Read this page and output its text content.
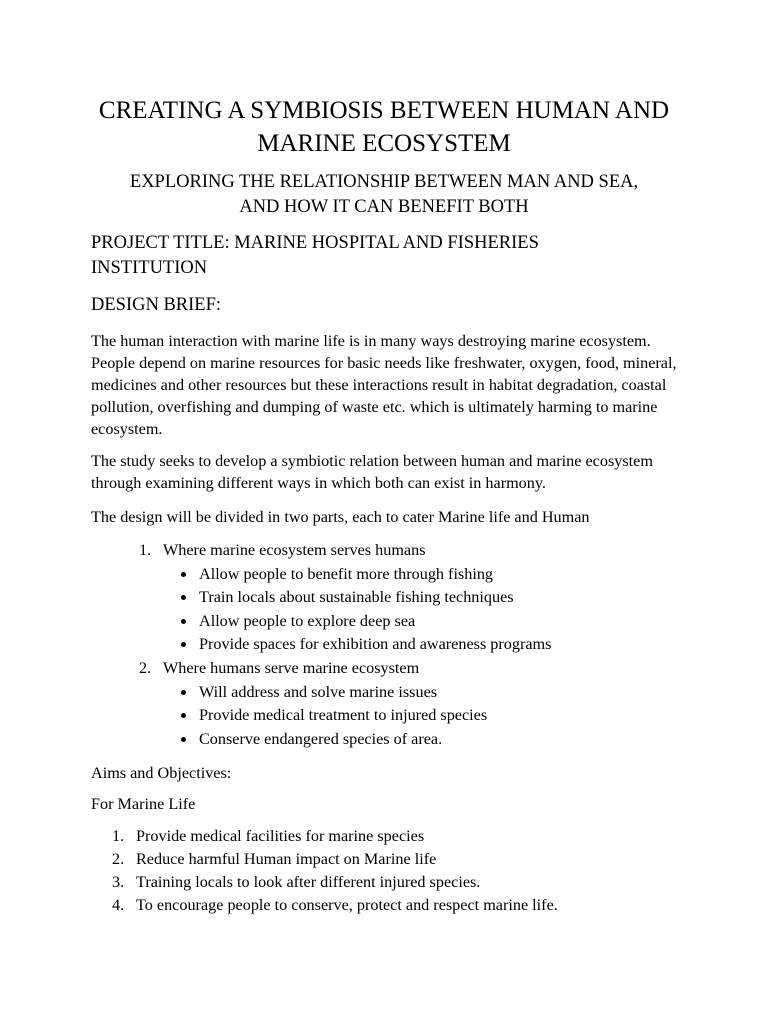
CREATING A SYMBIOSIS BETWEEN HUMAN AND
MARINE ECOSYSTEM
EXPLORING THE RELATIONSHIP BETWEEN MAN AND SEA,
AND HOW IT CAN BENEFIT BOTH

PROJECT TITLE: MARINE HOSPITAL AND FISHERIES
INSTITUTION

DESIGN BRIEF:

The human interaction with marine life is in many ways destroying marine ecosystem. People depend on marine resources for basic needs like freshwater, oxygen, food, mineral, medicines and other resources but these interactions result in habitat degradation, coastal pollution, overfishing and dumping of waste etc. which is ultimately harming to marine ecosystem.

The study seeks to develop a symbiotic relation between human and marine ecosystem through examining different ways in which both can exist in harmony.

The design will be divided in two parts, each to cater Marine life and Human

1. Where marine ecosystem serves humans
Allow people to benefit more through fishing
Train locals about sustainable fishing techniques
Allow people to explore deep sea
Provide spaces for exhibition and awareness programs
2. Where humans serve marine ecosystem
Will address and solve marine issues
Provide medical treatment to injured species
Conserve endangered species of area.

Aims and Objectives:

For Marine Life

1. Provide medical facilities for marine species
2. Reduce harmful Human impact on Marine life
3. Training locals to look after different injured species.
4. To encourage people to conserve, protect and respect marine life.
